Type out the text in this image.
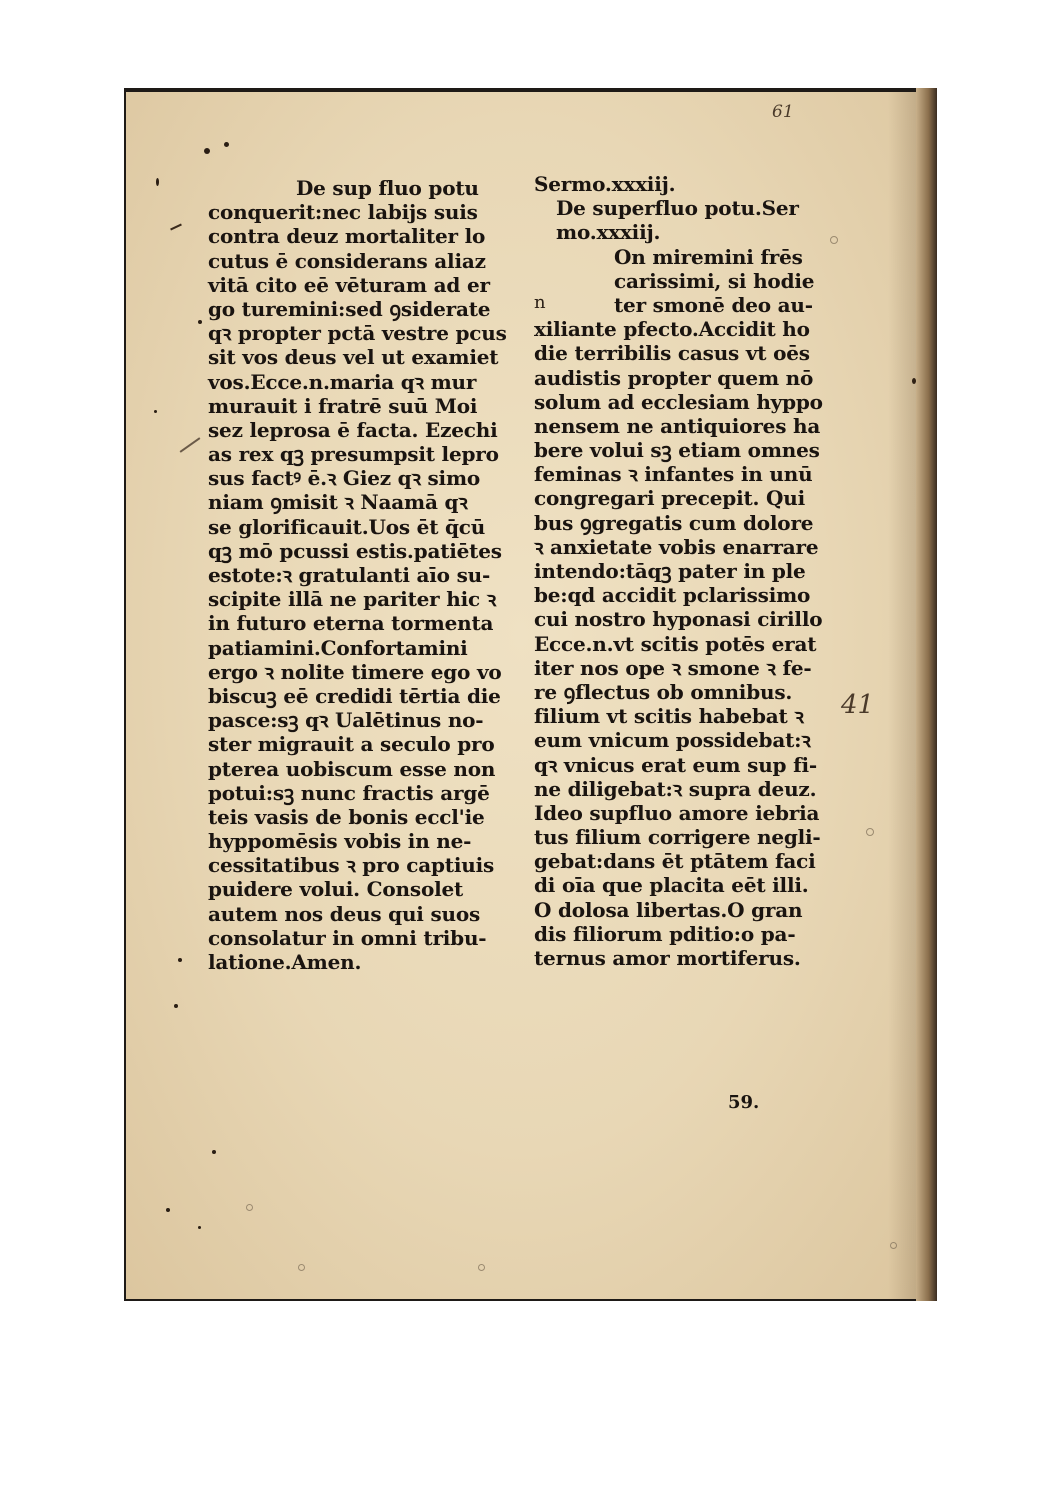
61
De sup fluo potu
conquerit:nec labijs suis
contra deuz mortaliter lo
cutus ē considerans aliaz
vitā cito eē vēturam ad er
go turemini:sed ꝯsiderate
qꝛ propter pctā vestre pcus
sit vos deus vel ut examiet
vos.Ecce.n.maria qꝛ mur
murauit i fratrē suū Moi
sez leprosa ē facta. Ezechi
as rex qꝫ presumpsit lepro
sus factꝰ ē.ꝛ Giez qꝛ simo
niam ꝯmisit ꝛ Naamā qꝛ
se glorificauit.Uos ēt q̄cū
qꝫ mō pcussi estis.patiētes
estote:ꝛ gratulanti aīo su-
scipite illā ne pariter hic ꝛ
in futuro eterna tormenta
patiamini.Confortamini
ergo ꝛ nolite timere ego vo
biscuꝫ eē credidi tērtia die
pasce:sꝫ qꝛ Ualētinus no-
ster migrauit a seculo pro
pterea uobiscum esse non
potui:sꝫ nunc fractis argē
teis vasis de bonis eccl'ie
hyppomēsis vobis in ne-
cessitatibus ꝛ pro captiuis
puidere volui. Consolet
autem nos deus qui suos
consolatur in omni tribu-
latione.Amen.
n
Sermo.xxxiij.
De superfluo potu.Ser
mo.xxxiij.
On miremini frēs
carissimi, si hodie
ter smonē deo au-
xiliante pfecto.Accidit ho
die terribilis casus vt oēs
audistis propter quem nō
solum ad ecclesiam hyppo
nensem ne antiquiores ha
bere volui sꝫ etiam omnes
feminas ꝛ infantes in unū
congregari precepit. Qui
bus ꝯgregatis cum dolore
ꝛ anxietate vobis enarrare
intendo:tāqꝫ pater in ple
be:qd accidit pclarissimo
cui nostro hyponasi cirillo
Ecce.n.vt scitis potēs erat
iter nos ope ꝛ smone ꝛ fe-
re ꝯflectus ob omnibus.
filium vt scitis habebat ꝛ
eum vnicum possidebat:ꝛ
qꝛ vnicus erat eum sup fi-
ne diligebat:ꝛ supra deuz.
Ideo supfluo amore iebria
tus filium corrigere negli-
gebat:dans ēt ptātem faci
di oīa que placita eēt illi.
O dolosa libertas.O gran
dis filiorum pditio:o pa-
ternus amor mortiferus.
59.
41
